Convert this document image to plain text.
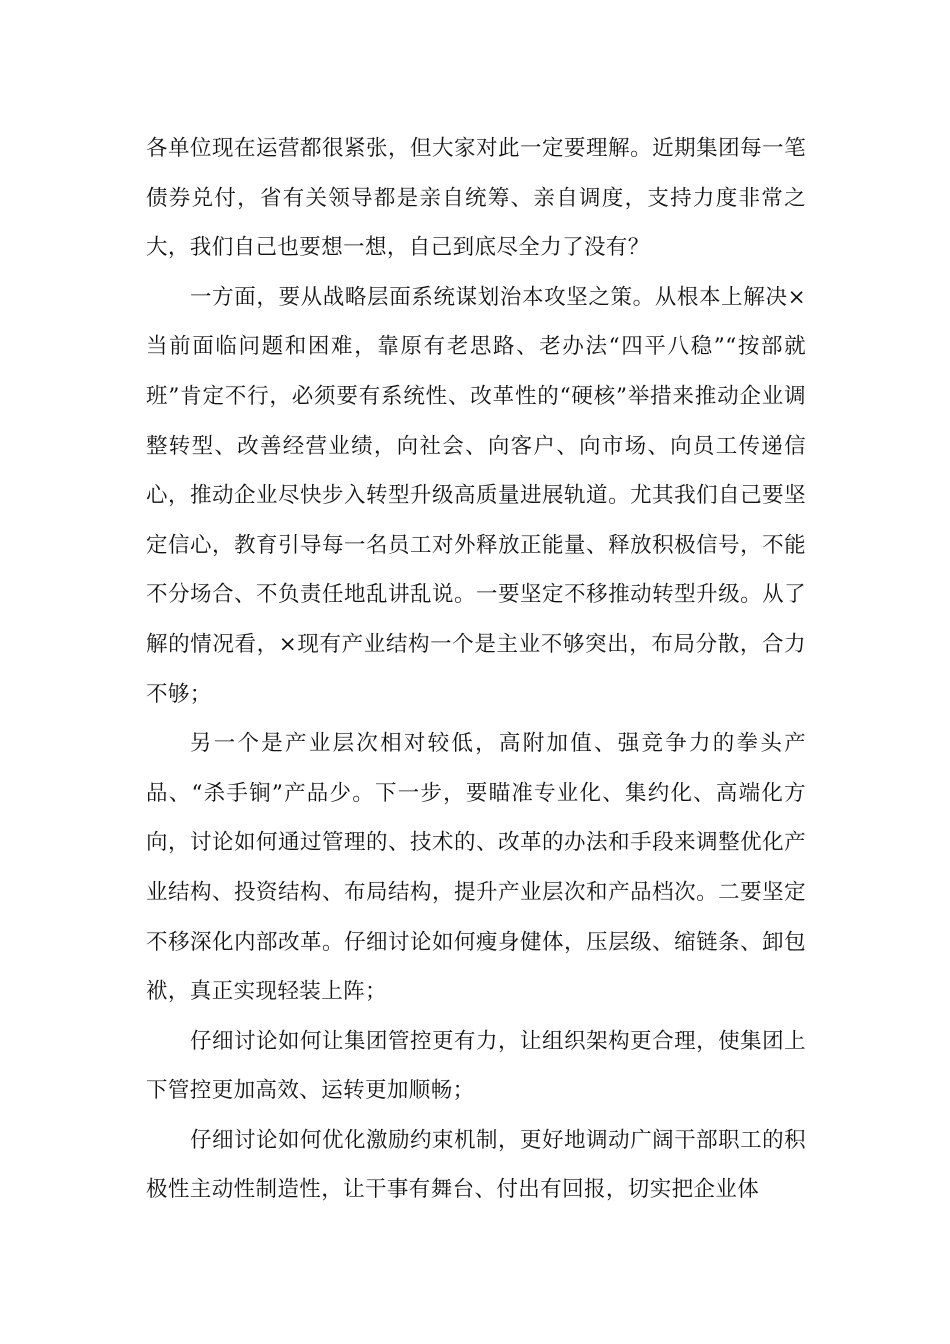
各单位现在运营都很紧张，但大家对此一定要理解。近期集团每一笔债券兑付，省有关领导都是亲自统筹、亲自调度，支持力度非常之大，我们自己也要想一想，自己到底尽全力了没有？

一方面，要从战略层面系统谋划治本攻坚之策。从根本上解决×当前面临问题和困难，靠原有老思路、老办法“四平八稳”“按部就班”肯定不行，必须要有系统性、改革性的“硬核”举措来推动企业调整转型、改善经营业绩，向社会、向客户、向市场、向员工传递信心，推动企业尽快步入转型升级高质量进展轨道。尤其我们自己要坚定信心，教育引导每一名员工对外释放正能量、释放积极信号，不能不分场合、不负责任地乱讲乱说。一要坚定不移推动转型升级。从了解的情况看，×现有产业结构一个是主业不够突出，布局分散，合力不够；

另一个是产业层次相对较低，高附加值、强竞争力的拳头产品、“杀手锏”产品少。下一步，要瞄准专业化、集约化、高端化方向，讨论如何通过管理的、技术的、改革的办法和手段来调整优化产业结构、投资结构、布局结构，提升产业层次和产品档次。二要坚定不移深化内部改革。仔细讨论如何瘦身健体，压层级、缩链条、卸包袱，真正实现轻装上阵；

仔细讨论如何让集团管控更有力，让组织架构更合理，使集团上下管控更加高效、运转更加顺畅；

仔细讨论如何优化激励约束机制，更好地调动广阔干部职工的积极性主动性制造性，让干事有舞台、付出有回报，切实把企业体
